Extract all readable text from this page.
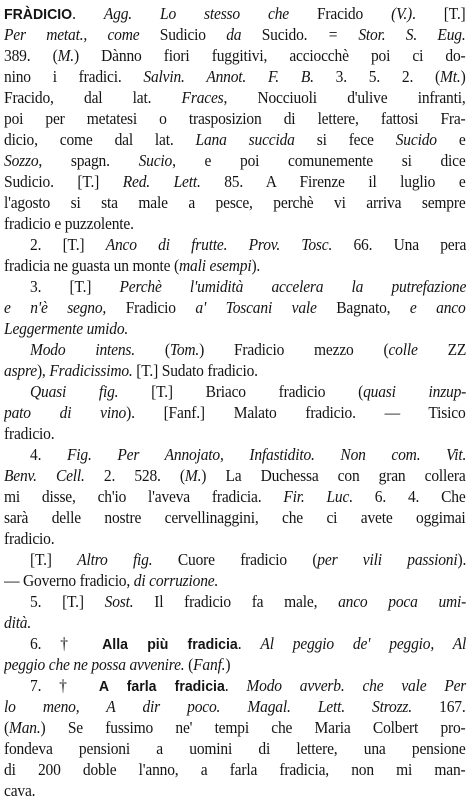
FRÀDICIO. Agg. Lo stesso che Fracido (V.). [T.]
Per metat., come Sudicio da Sucido. = Stor. S. Eug.
389. (M.) Dànno fiori fuggitivi, acciocchè poi ci do-
nino i fradici. Salvin. Annot. F. B. 3. 5. 2. (Mt.)
Fracido, dal lat. Fraces, Nocciuoli d'ulive infranti,
poi per metatesi o trasposizion di lettere, fattosi Fra-
dicio, come dal lat. Lana succida si fece Sucido e
Sozzo, spagn. Sucio, e poi comunemente si dice
Sudicio. [T.] Red. Lett. 85. A Firenze il luglio e
l'agosto si sta male a pesce, perchè vi arriva sempre
fradicio e puzzolente.
2. [T.] Anco di frutte. Prov. Tosc. 66. Una pera
fradicia ne guasta un monte (mali esempi).
3. [T.] Perchè l'umidità accelera la putrefazione
e n'è segno, Fradicio a' Toscani vale Bagnato, e anco
Leggermente umido.
Modo intens. (Tom.) Fradicio mezzo (colle ZZ
aspre), Fradicissimo. [T.] Sudato fradicio.
Quasi fig. [T.] Briaco fradicio (quasi inzup-
pato di vino). [Fanf.] Malato fradicio. — Tisico
fradicio.
4. Fig. Per Annojato, Infastidito. Non com. Vit.
Benv. Cell. 2. 528. (M.) La Duchessa con gran collera
mi disse, ch'io l'aveva fradicia. Fir. Luc. 6. 4. Che
sarà delle nostre cervellinaggini, che ci avete oggimai
fradicio.
[T.] Altro fig. Cuore fradicio (per vili passioni).
— Governo fradicio, di corruzione.
5. [T.] Sost. Il fradicio fa male, anco poca umi-
dità.
6. † Alla più fradicia. Al peggio de' peggio, Al
peggio che ne possa avvenire. (Fanf.)
7. † A farla fradicia. Modo avverb. che vale Per
lo meno, A dir poco. Magal. Lett. Strozz. 167.
(Man.) Se fussimo ne' tempi che Maria Colbert pro-
fondeva pensioni a uomini di lettere, una pensione
di 200 doble l'anno, a farla fradicia, non mi man-
cava.
